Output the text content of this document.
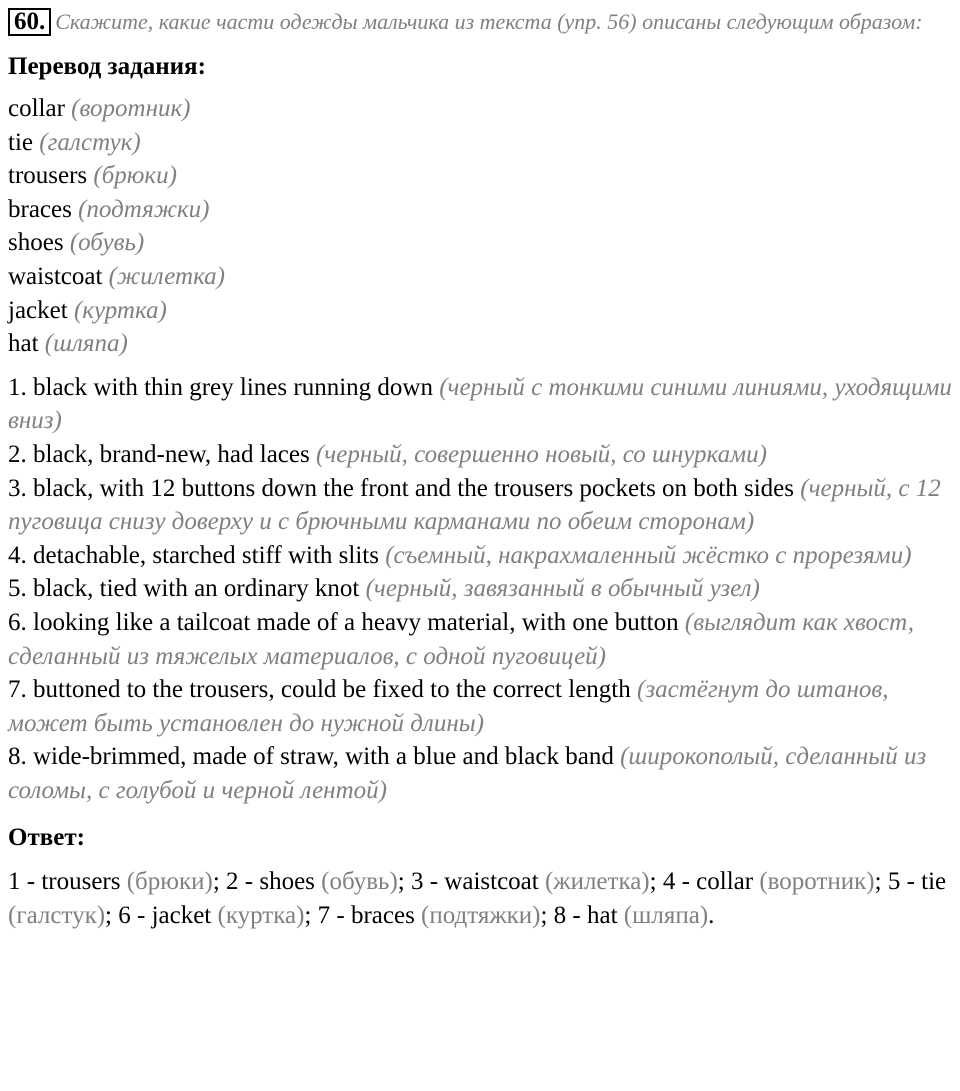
60. Скажите, какие части одежды мальчика из текста (упр. 56) описаны следующим образом:
Перевод задания:
collar (воротник)
tie (галстук)
trousers (брюки)
braces (подтяжки)
shoes (обувь)
waistcoat (жилетка)
jacket (куртка)
hat (шляпа)
1. black with thin grey lines running down (черный с тонкими синими линиями, уходящими вниз)
2. black, brand-new, had laces (черный, совершенно новый, со шнурками)
3. black, with 12 buttons down the front and the trousers pockets on both sides (черный, с 12 пуговица снизу доверху и с брючными карманами по обеим сторонам)
4. detachable, starched stiff with slits (съемный, накрахмаленный жёстко с прорезями)
5. black, tied with an ordinary knot (черный, завязанный в обычный узел)
6. looking like a tailcoat made of a heavy material, with one button (выглядит как хвост, сделанный из тяжелых материалов, с одной пуговицей)
7. buttoned to the trousers, could be fixed to the correct length (застёгнут до штанов, может быть установлен до нужной длины)
8. wide-brimmed, made of straw, with a blue and black band (широкополый, сделанный из соломы, с голубой и черной лентой)
Ответ:
1 - trousers (брюки); 2 - shoes (обувь); 3 - waistcoat (жилетка); 4 - collar (воротник); 5 - tie (галстук); 6 - jacket (куртка); 7 - braces (подтяжки); 8 - hat (шляпа).
